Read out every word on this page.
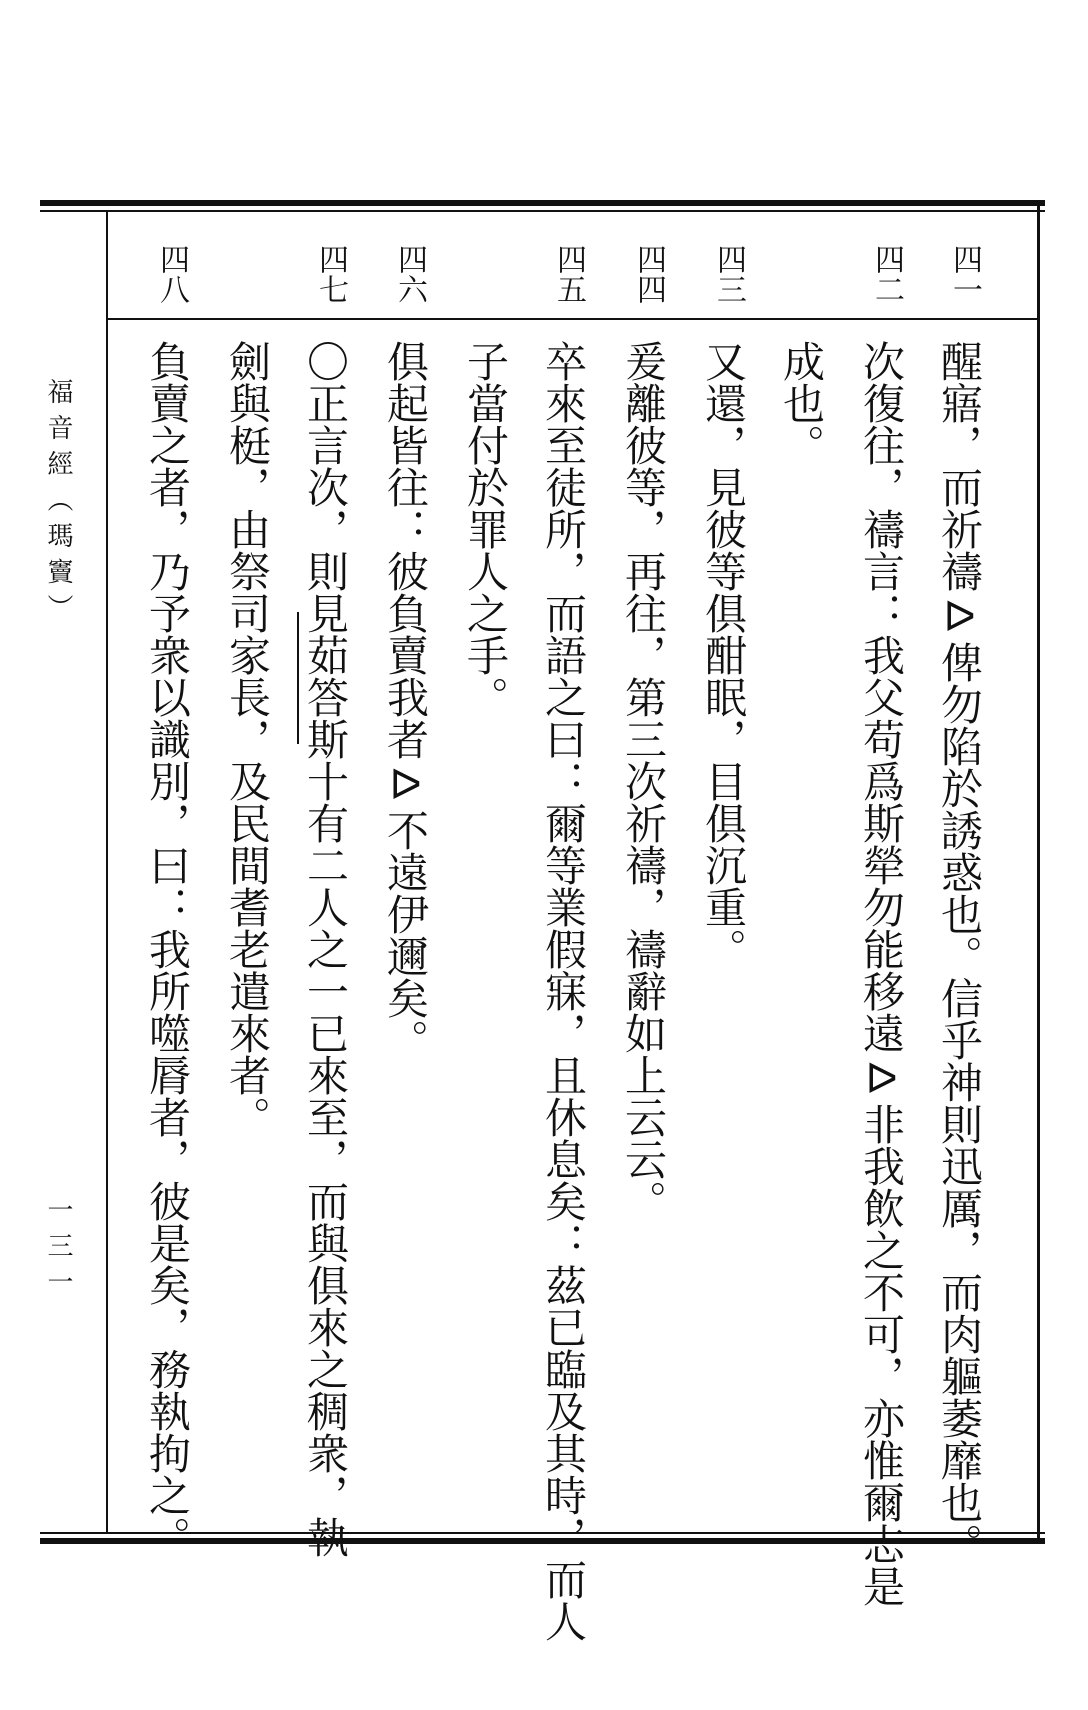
福音經（瑪竇）
一三一
四一
四二
四三
四四
四五
四六
四七
四八
醒寤，而祈禱ᐅ俾勿陷於誘惑也。信乎神則迅厲，而肉軀萎靡也。
次復往，禱言：我父苟爲斯犖勿能移遠ᐅ非我飲之不可，亦惟爾志是
成也。
又還，見彼等俱酣眠，目俱沉重。
爰離彼等，再往，第三次祈禱，禱辭如上云云。
卒來至徒所，而語之曰：爾等業假寐，且休息矣：茲已臨及其時，而人
子當付於罪人之手。
俱起皆往：彼負賣我者ᐅ不遠伊邇矣。
〇正言次，則見茹答斯十有二人之一已來至，而與俱來之稠衆，執
劍與梃，由祭司家長，及民間耆老遣來者。
負賣之者，乃予衆以識別，曰：我所噬脣者，彼是矣，務執拘之。
